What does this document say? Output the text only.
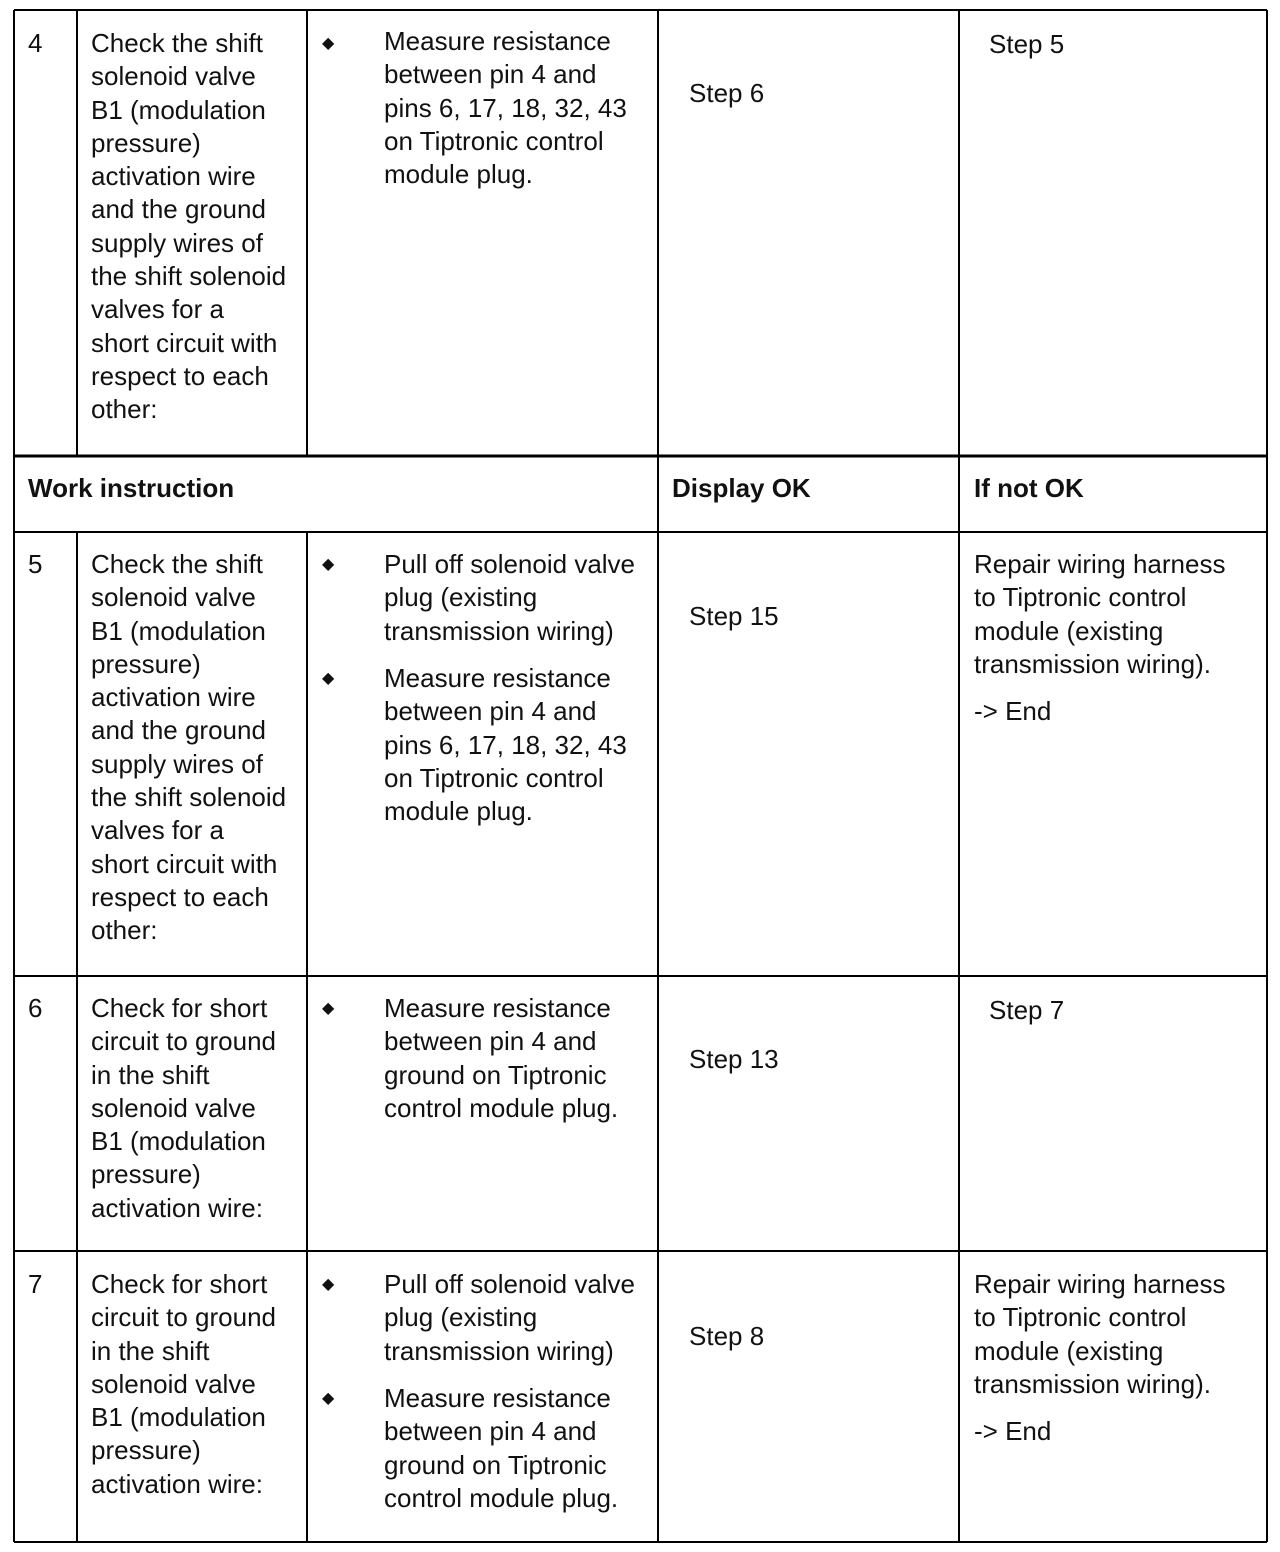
4 Check the shift
solenoid valve
B1 (modulation
pressure)
activation wire
and the ground
supply wires of
the shift solenoid
valves for a
short circuit with
respect to each
other:
◆ Measure resistance
between pin 4 and
pins 6, 17, 18, 32, 43
on Tiptronic control
module plug.
Step 6
Step 5
Work instruction	Display OK	If not OK
5 Check the shift
solenoid valve
B1 (modulation
pressure)
activation wire
and the ground
supply wires of
the shift solenoid
valves for a
short circuit with
respect to each
other:
◆ Pull off solenoid valve
plug (existing
transmission wiring)
◆ Measure resistance
between pin 4 and
pins 6, 17, 18, 32, 43
on Tiptronic control
module plug.
Step 15
Repair wiring harness
to Tiptronic control
module (existing
transmission wiring).
-> End
6 Check for short
circuit to ground
in the shift
solenoid valve
B1 (modulation
pressure)
activation wire:
◆ Measure resistance
between pin 4 and
ground on Tiptronic
control module plug.
Step 13
Step 7
7 Check for short
circuit to ground
in the shift
solenoid valve
B1 (modulation
pressure)
activation wire:
◆ Pull off solenoid valve
plug (existing
transmission wiring)
◆ Measure resistance
between pin 4 and
ground on Tiptronic
control module plug.
Step 8
Repair wiring harness
to Tiptronic control
module (existing
transmission wiring).
-> End
